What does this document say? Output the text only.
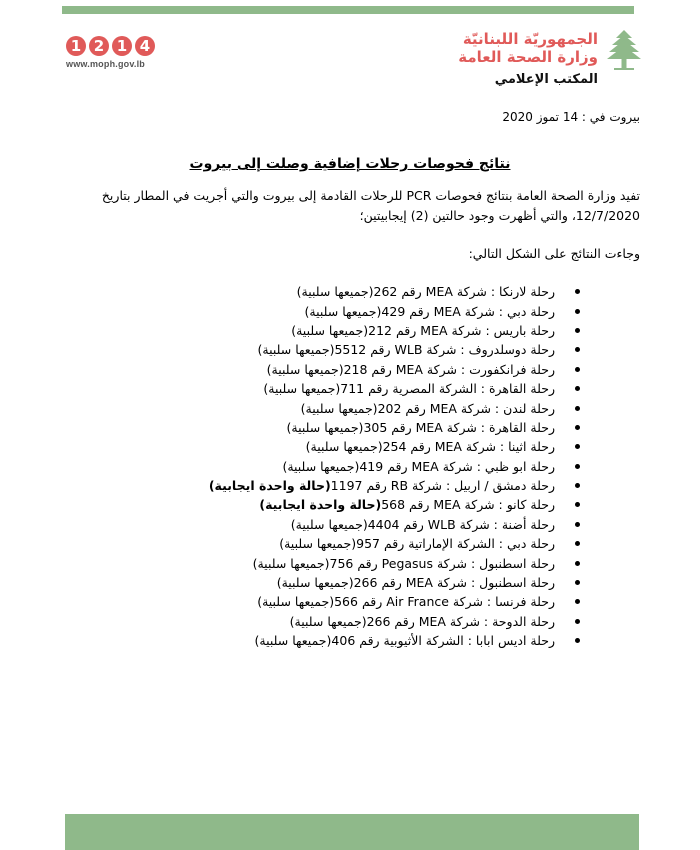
1 2 1 4
www.moph.gov.lb
الجمهوريّة اللبنانيّة
وزارة الصحة العامة
المكتب الإعلامي
بيروت في : 14 تموز 2020
نتائج فحوصات رحلات إضافية وصلت إلى بيروت
تفيد وزارة الصحة العامة بنتائج فحوصات PCR للرحلات القادمة إلى بيروت والتي أجريت في المطار بتاريخ 12/7/2020، والتي أظهرت وجود حالتين (2) إيجابيتين؛
وجاءت النتائج على الشكل التالي:
رحلة لارنكا : شركة MEA رقم 262
(جميعها سلبية)
رحلة دبي : شركة MEA رقم 429
(جميعها سلبية)
رحلة باريس : شركة MEA رقم 212
(جميعها سلبية)
رحلة دوسلدروف : شركة WLB رقم 5512
(جميعها سلبية)
رحلة فرانكفورت : شركة MEA رقم 218
(جميعها سلبية)
رحلة القاهرة : الشركة المصرية رقم 711
(جميعها سلبية)
رحلة لندن : شركة MEA رقم 202
(جميعها سلبية)
رحلة القاهرة : شركة MEA رقم 305
(جميعها سلبية)
رحلة اثينا : شركة MEA رقم 254
(جميعها سلبية)
رحلة ابو ظبي : شركة MEA رقم 419
(جميعها سلبية)
رحلة دمشق / اربيل : شركة RB رقم 1197
(حالة واحدة ايجابية)
رحلة كانو : شركة MEA رقم 568
(حالة واحدة ايجابية)
رحلة أضنة : شركة WLB رقم 4404
(جميعها سلبية)
رحلة دبي : الشركة الإماراتية رقم 957
(جميعها سلبية)
رحلة اسطنبول : شركة Pegasus رقم 756
(جميعها سلبية)
رحلة اسطنبول : شركة MEA رقم 266
(جميعها سلبية)
رحلة فرنسا : شركة Air France رقم 566
(جميعها سلبية)
رحلة الدوحة : شركة MEA رقم 266
(جميعها سلبية)
رحلة اديس ابابا : الشركة الأثيوبية رقم 406
(جميعها سلبية)
